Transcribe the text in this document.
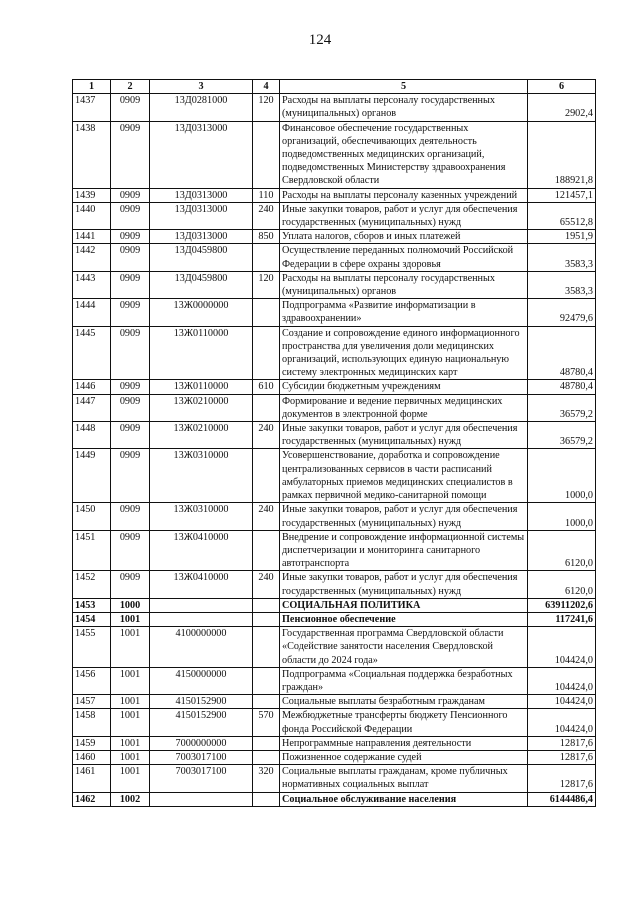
124
1	2	3	4	5	6
1437	0909	13Д0281000	120	Расходы на выплаты персоналу государственных (муниципальных) органов	2902,4
1438	0909	13Д0313000		Финансовое обеспечение государственных организаций, обеспечивающих деятельность подведомственных медицинских организаций, подведомственных Министерству здравоохранения Свердловской области	188921,8
1439	0909	13Д0313000	110	Расходы на выплаты персоналу казенных учреждений	121457,1
1440	0909	13Д0313000	240	Иные закупки товаров, работ и услуг для обеспечения государственных (муниципальных) нужд	65512,8
1441	0909	13Д0313000	850	Уплата налогов, сборов и иных платежей	1951,9
1442	0909	13Д0459800		Осуществление переданных полномочий Российской Федерации в сфере охраны здоровья	3583,3
1443	0909	13Д0459800	120	Расходы на выплаты персоналу государственных (муниципальных) органов	3583,3
1444	0909	13Ж0000000		Подпрограмма «Развитие информатизации в здравоохранении»	92479,6
1445	0909	13Ж0110000		Создание и сопровождение единого информационного пространства для увеличения доли медицинских организаций, использующих единую национальную систему электронных медицинских карт	48780,4
1446	0909	13Ж0110000	610	Субсидии бюджетным учреждениям	48780,4
1447	0909	13Ж0210000		Формирование и ведение первичных медицинских документов в электронной форме	36579,2
1448	0909	13Ж0210000	240	Иные закупки товаров, работ и услуг для обеспечения государственных (муниципальных) нужд	36579,2
1449	0909	13Ж0310000		Усовершенствование, доработка и сопровождение централизованных сервисов в части расписаний амбулаторных приемов медицинских специалистов в рамках первичной медико-санитарной помощи	1000,0
1450	0909	13Ж0310000	240	Иные закупки товаров, работ и услуг для обеспечения государственных (муниципальных) нужд	1000,0
1451	0909	13Ж0410000		Внедрение и сопровождение информационной системы диспетчеризации и мониторинга санитарного автотранспорта	6120,0
1452	0909	13Ж0410000	240	Иные закупки товаров, работ и услуг для обеспечения государственных (муниципальных) нужд	6120,0
1453	1000			СОЦИАЛЬНАЯ ПОЛИТИКА	63911202,6
1454	1001			Пенсионное обеспечение	117241,6
1455	1001	4100000000		Государственная программа Свердловской области «Содействие занятости населения Свердловской области до 2024 года»	104424,0
1456	1001	4150000000		Подпрограмма «Социальная поддержка безработных граждан»	104424,0
1457	1001	4150152900		Социальные выплаты безработным гражданам	104424,0
1458	1001	4150152900	570	Межбюджетные трансферты бюджету Пенсионного фонда Российской Федерации	104424,0
1459	1001	7000000000		Непрограммные направления деятельности	12817,6
1460	1001	7003017100		Пожизненное содержание судей	12817,6
1461	1001	7003017100	320	Социальные выплаты гражданам, кроме публичных нормативных социальных выплат	12817,6
1462	1002			Социальное обслуживание населения	6144486,4
